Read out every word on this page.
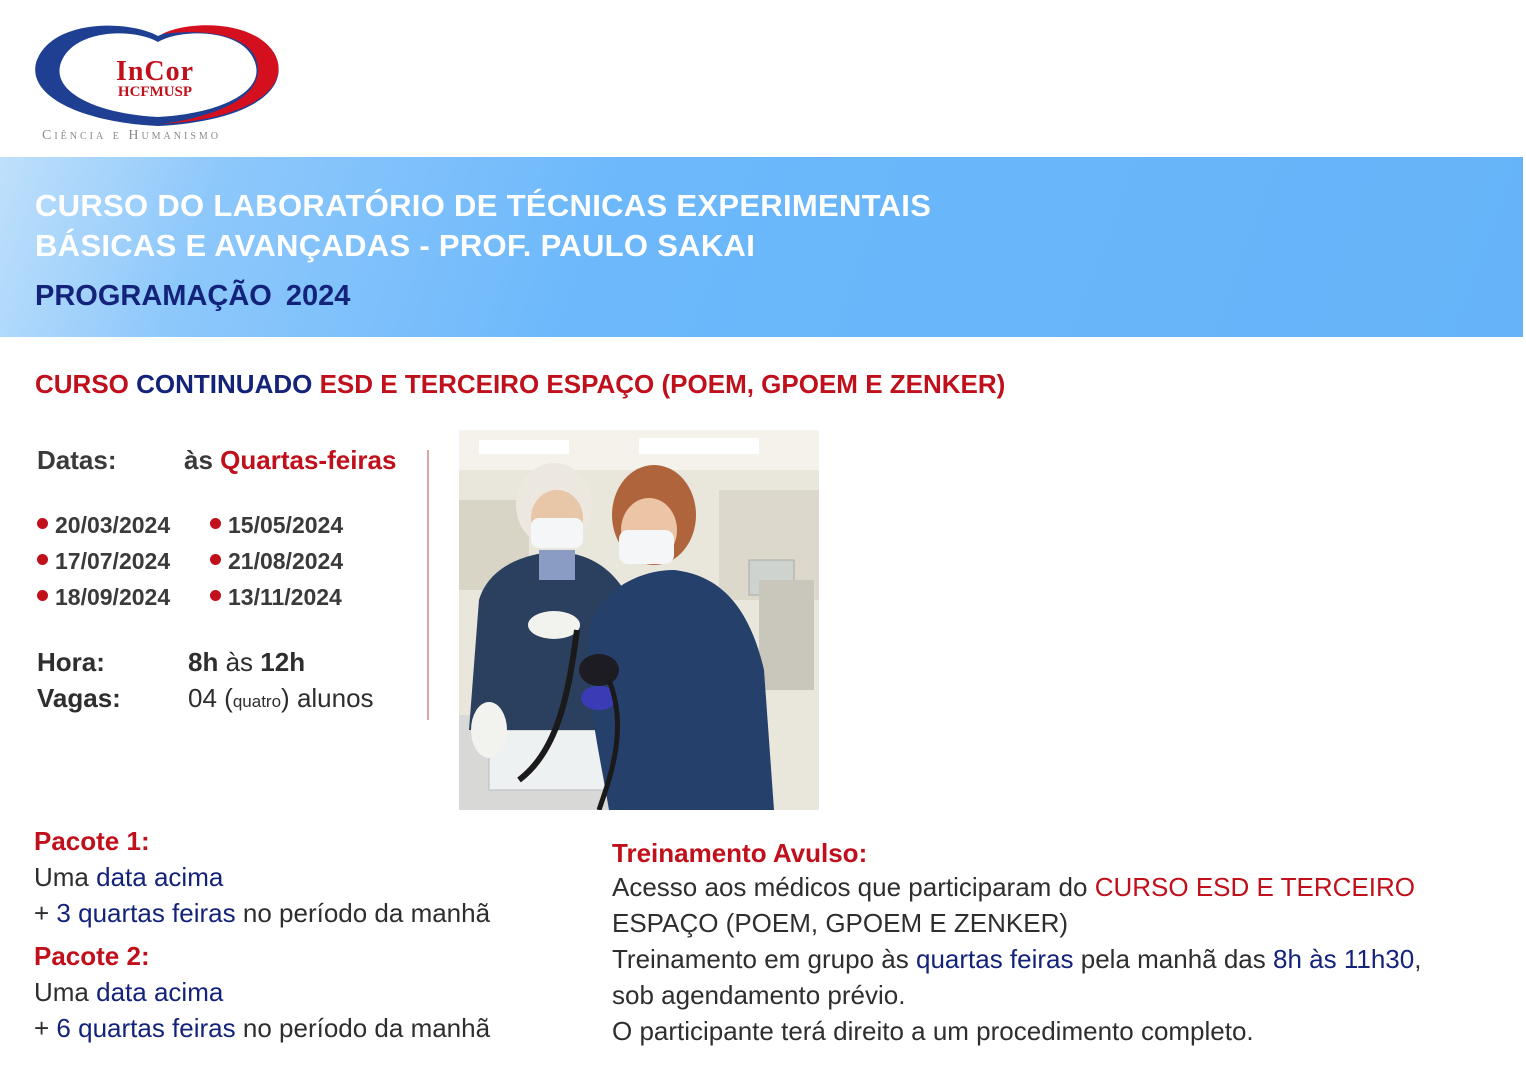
InCor
HCFMUSP
Ciência e Humanismo
CURSO DO LABORATÓRIO DE TÉCNICAS EXPERIMENTAIS
BÁSICAS E AVANÇADAS - PROF. PAULO SAKAI
PROGRAMAÇÃO 2024
CURSO CONTINUADO ESD E TERCEIRO ESPAÇO (POEM, GPOEM E ZENKER)
Datas:	às Quartas-feiras
20/03/2024	15/05/2024
17/07/2024	21/08/2024
18/09/2024	13/11/2024
Hora:	8h às 12h
Vagas:	04 (quatro) alunos
Pacote 1:
Uma data acima
+ 3 quartas feiras no período da manhã
Pacote 2:
Uma data acima
+ 6 quartas feiras no período da manhã
Treinamento Avulso:
Acesso aos médicos que participaram do CURSO ESD E TERCEIRO
ESPAÇO (POEM, GPOEM E ZENKER)
Treinamento em grupo às quartas feiras pela manhã das 8h às 11h30,
sob agendamento prévio.
O participante terá direito a um procedimento completo.
